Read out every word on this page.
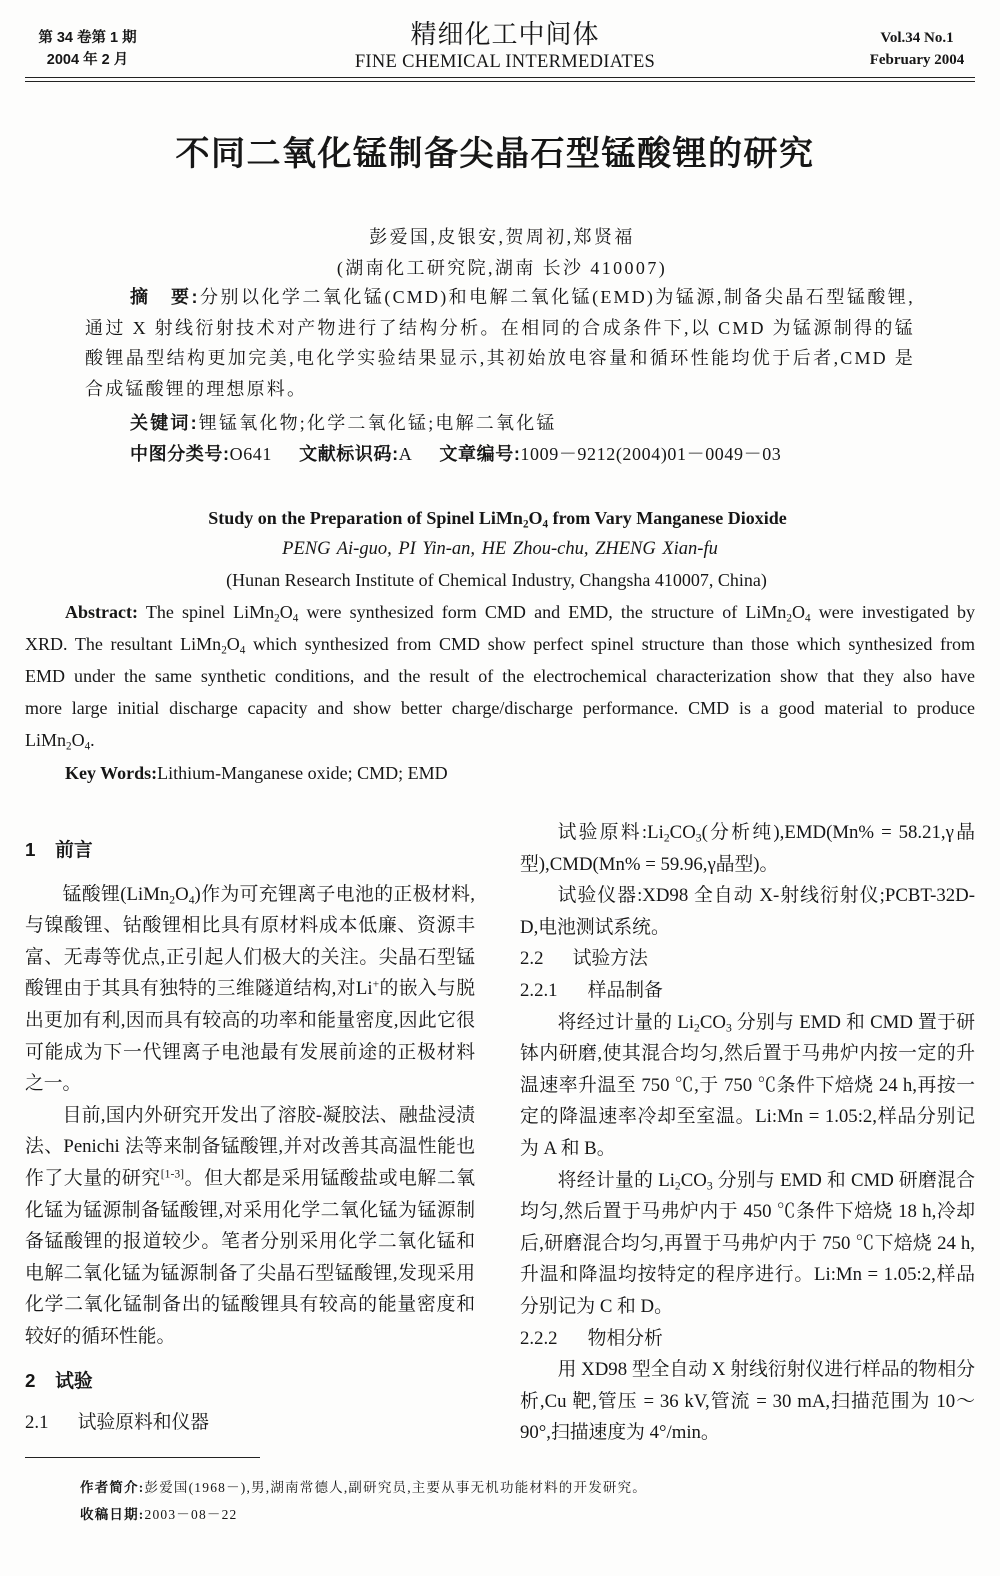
第 34 卷第 1 期
2004 年 2 月
精细化工中间体
FINE CHEMICAL INTERMEDIATES
Vol.34 No.1
February 2004
不同二氧化锰制备尖晶石型锰酸锂的研究
彭爱国,皮银安,贺周初,郑贤福
(湖南化工研究院,湖南 长沙 410007)
摘　要:分别以化学二氧化锰(CMD)和电解二氧化锰(EMD)为锰源,制备尖晶石型锰酸锂,通过 X 射线衍射技术对产物进行了结构分析。在相同的合成条件下,以 CMD 为锰源制得的锰酸锂晶型结构更加完美,电化学实验结果显示,其初始放电容量和循环性能均优于后者,CMD 是合成锰酸锂的理想原料。
关键词:锂锰氧化物;化学二氧化锰;电解二氧化锰
中图分类号:O641 文献标识码:A 文章编号:1009－9212(2004)01－0049－03
Study on the Preparation of Spinel $LiMn_2O_4$ from Vary Manganese Dioxide
PENG Ai-guo, PI Yin-an, HE Zhou-chu, ZHENG Xian-fu
(Hunan Research Institute of Chemical Industry, Changsha 410007, China)
Abstract: The spinel $LiMn_2O_4$ were synthesized form CMD and EMD, the structure of $LiMn_2O_4$ were investigated by XRD. The resultant $LiMn_2O_4$ which synthesized from CMD show perfect spinel structure than those which synthesized from EMD under the same synthetic conditions, and the result of the electrochemical characterization show that they also have more large initial discharge capacity and show better charge/discharge performance. CMD is a good material to produce $LiMn_2O_4$.
Key Words:Lithium-Manganese oxide; CMD; EMD
1 前言

锰酸锂$(LiMn_2O_4)$作为可充锂离子电池的正极材料,与镍酸锂、钴酸锂相比具有原材料成本低廉、资源丰富、无毒等优点,正引起人们极大的关注。尖晶石型锰酸锂由于其具有独特的三维隧道结构,对Li+的嵌入与脱出更加有利,因而具有较高的功率和能量密度,因此它很可能成为下一代锂离子电池最有发展前途的正极材料之一。

目前,国内外研究开发出了溶胶-凝胶法、融盐浸渍法、Penichi 法等来制备锰酸锂,并对改善其高温性能也作了大量的研究[1-3]。但大都是采用锰酸盐或电解二氧化锰为锰源制备锰酸锂,对采用化学二氧化锰为锰源制备锰酸锂的报道较少。笔者分别采用化学二氧化锰和电解二氧化锰为锰源制备了尖晶石型锰酸锂,发现采用化学二氧化锰制备出的锰酸锂具有较高的能量密度和较好的循环性能。

2 试验
2.1 试验原料和仪器

试验原料$:Li_2CO_3$(分析纯),EMD(Mn% = 58.21,γ晶型),CMD(Mn% = 59.96,γ晶型)。

试验仪器:XD98 全自动 X-射线衍射仪;PCBT-32D-D,电池测试系统。

2.2 试验方法
2.2.1 样品制备

将经过计量的 $Li_2CO_3$ 分别与 EMD 和 CMD 置于研钵内研磨,使其混合均匀,然后置于马弗炉内按一定的升温速率升温至 750 ℃,于 750 ℃条件下焙烧 24 h,再按一定的降温速率冷却至室温。Li:Mn = 1.05:2,样品分别记为 A 和 B。

将经计量的 $Li_2CO_3$ 分别与 EMD 和 CMD 研磨混合均匀,然后置于马弗炉内于 450 ℃条件下焙烧 18 h,冷却后,研磨混合均匀,再置于马弗炉内于 750 ℃下焙烧 24 h,升温和降温均按特定的程序进行。Li:Mn = 1.05:2,样品分别记为 C 和 D。

2.2.2 物相分析

用 XD98 型全自动 X 射线衍射仪进行样品的物相分析,Cu 靶,管压 = 36 kV,管流 = 30 mA,扫描范围为 10～90°,扫描速度为 4°/min。

作者简介:彭爱国(1968－),男,湖南常德人,副研究员,主要从事无机功能材料的开发研究。
收稿日期:2003－08－22
